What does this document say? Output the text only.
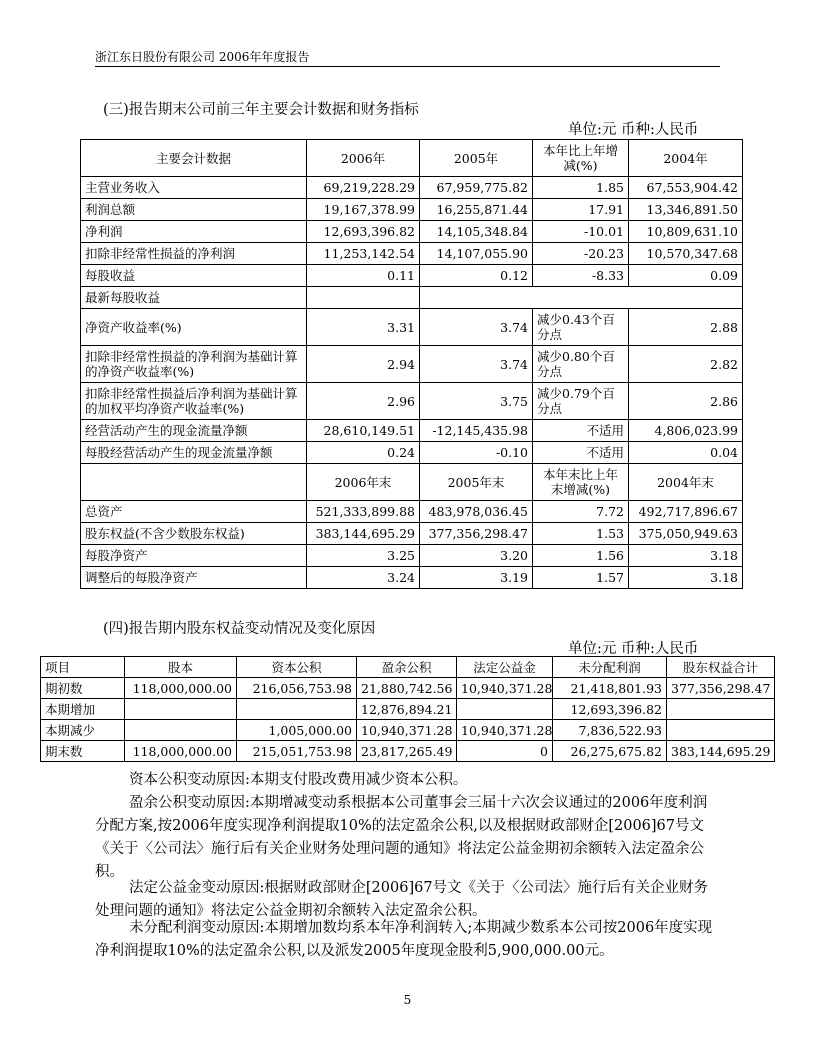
浙江东日股份有限公司 2006年年度报告
(三)报告期末公司前三年主要会计数据和财务指标
单位:元 币种:人民币
主要会计数据	2006年	2005年	本年比上年增减(%)	2004年
主营业务收入	69,219,228.29	67,959,775.82	1.85	67,553,904.42
利润总额	19,167,378.99	16,255,871.44	17.91	13,346,891.50
净利润	12,693,396.82	14,105,348.84	-10.01	10,809,631.10
扣除非经常性损益的净利润	11,253,142.54	14,107,055.90	-20.23	10,570,347.68
每股收益	0.11	0.12	-8.33	0.09
最新每股收益				
净资产收益率(%)	3.31	3.74	减少0.43个百分点	2.88
扣除非经常性损益的净利润为基础计算的净资产收益率(%)	2.94	3.74	减少0.80个百分点	2.82
扣除非经常性损益后净利润为基础计算的加权平均净资产收益率(%)	2.96	3.75	减少0.79个百分点	2.86
经营活动产生的现金流量净额	28,610,149.51	-12,145,435.98	不适用	4,806,023.99
每股经营活动产生的现金流量净额	0.24	-0.10	不适用	0.04
	2006年末	2005年末	本年末比上年末增减(%)	2004年末
总资产	521,333,899.88	483,978,036.45	7.72	492,717,896.67
股东权益(不含少数股东权益)	383,144,695.29	377,356,298.47	1.53	375,050,949.63
每股净资产	3.25	3.20	1.56	3.18
调整后的每股净资产	3.24	3.19	1.57	3.18
(四)报告期内股东权益变动情况及变化原因
单位:元 币种:人民币
项目	股本	资本公积	盈余公积	法定公益金	未分配利润	股东权益合计
期初数	118,000,000.00	216,056,753.98	21,880,742.56	10,940,371.28	21,418,801.93	377,356,298.47
本期增加			12,876,894.21		12,693,396.82	
本期减少		1,005,000.00	10,940,371.28	10,940,371.28	7,836,522.93	
期末数	118,000,000.00	215,051,753.98	23,817,265.49	0	26,275,675.82	383,144,695.29
资本公积变动原因:本期支付股改费用减少资本公积。
盈余公积变动原因:本期增减变动系根据本公司董事会三届十六次会议通过的2006年度利润分配方案,按2006年度实现净利润提取10%的法定盈余公积,以及根据财政部财企[2006]67号文《关于〈公司法〉施行后有关企业财务处理问题的通知》将法定公益金期初余额转入法定盈余公积。
法定公益金变动原因:根据财政部财企[2006]67号文《关于〈公司法〉施行后有关企业财务处理问题的通知》将法定公益金期初余额转入法定盈余公积。
未分配利润变动原因:本期增加数均系本年净利润转入;本期减少数系本公司按2006年度实现净利润提取10%的法定盈余公积,以及派发2005年度现金股利5,900,000.00元。
5
